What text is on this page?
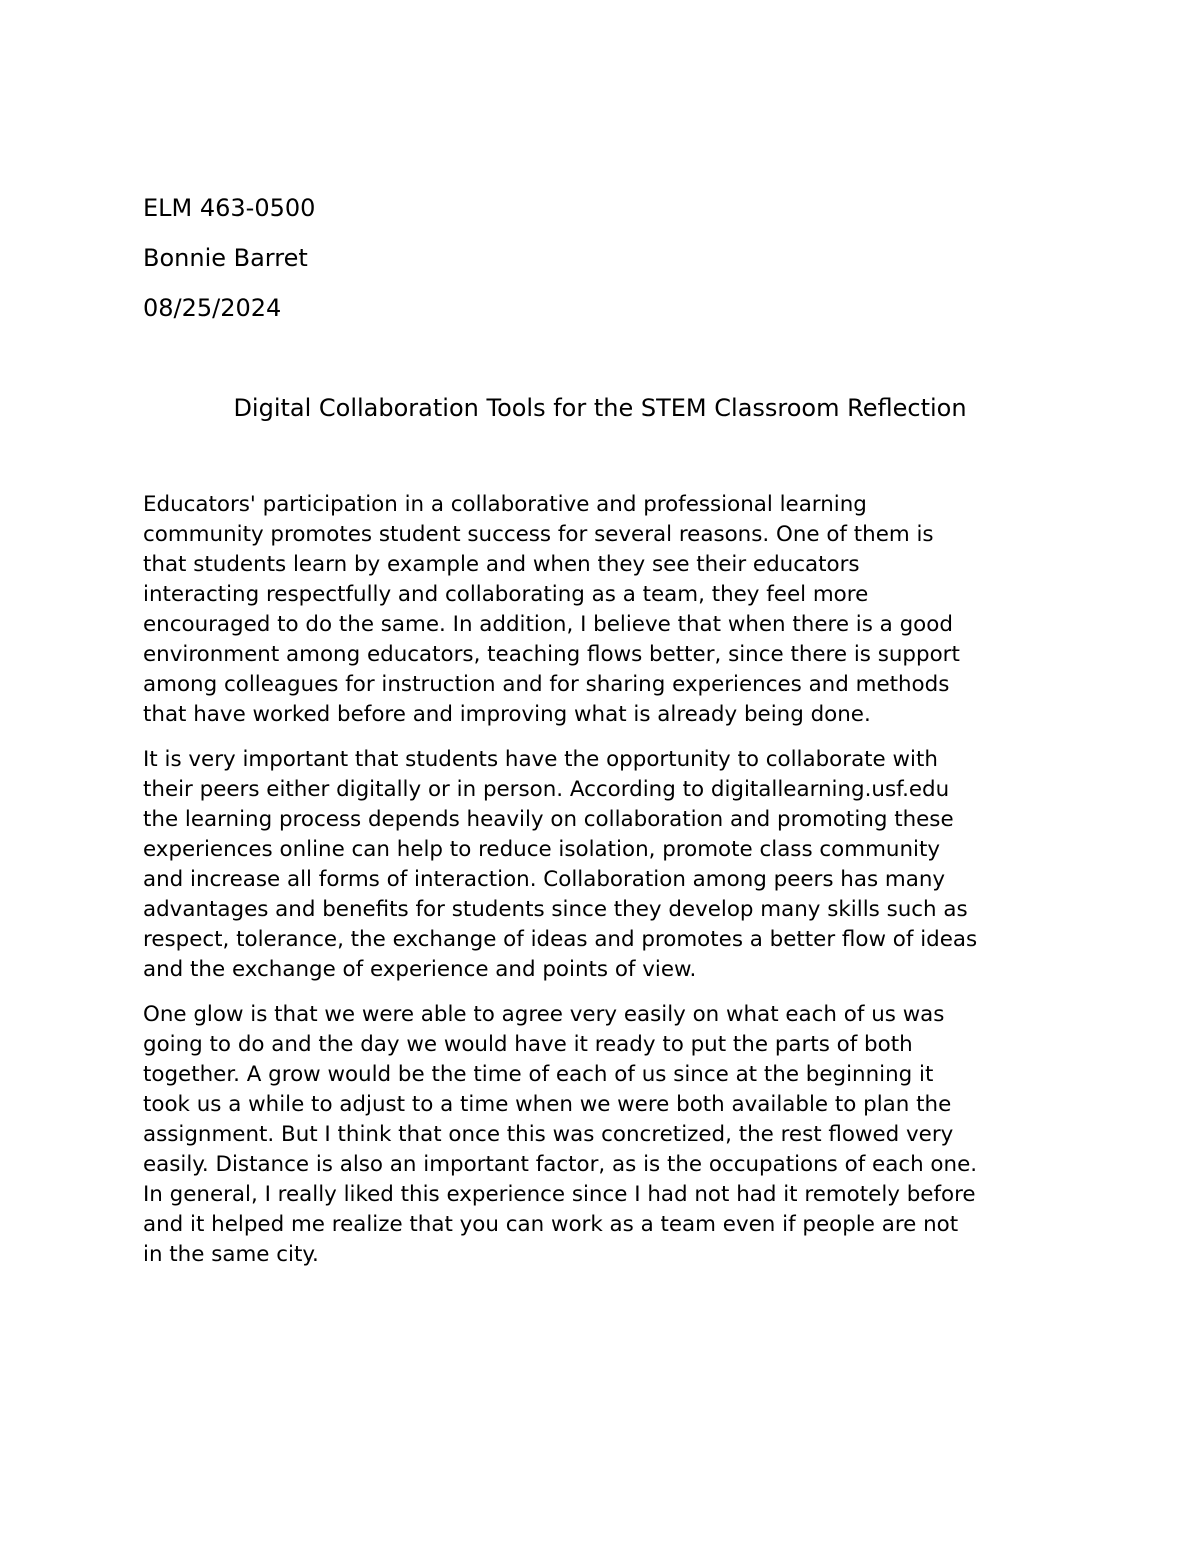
ELM 463-0500
Bonnie Barret
08/25/2024
Digital Collaboration Tools for the STEM Classroom Reflection

Educators' participation in a collaborative and professional learning
community promotes student success for several reasons. One of them is
that students learn by example and when they see their educators
interacting respectfully and collaborating as a team, they feel more
encouraged to do the same. In addition, I believe that when there is a good
environment among educators, teaching flows better, since there is support
among colleagues for instruction and for sharing experiences and methods
that have worked before and improving what is already being done.

It is very important that students have the opportunity to collaborate with
their peers either digitally or in person. According to digitallearning.usf.edu
the learning process depends heavily on collaboration and promoting these
experiences online can help to reduce isolation, promote class community
and increase all forms of interaction. Collaboration among peers has many
advantages and benefits for students since they develop many skills such as
respect, tolerance, the exchange of ideas and promotes a better flow of ideas
and the exchange of experience and points of view.

One glow is that we were able to agree very easily on what each of us was
going to do and the day we would have it ready to put the parts of both
together. A grow would be the time of each of us since at the beginning it
took us a while to adjust to a time when we were both available to plan the
assignment. But I think that once this was concretized, the rest flowed very
easily. Distance is also an important factor, as is the occupations of each one.
In general, I really liked this experience since I had not had it remotely before
and it helped me realize that you can work as a team even if people are not
in the same city.
